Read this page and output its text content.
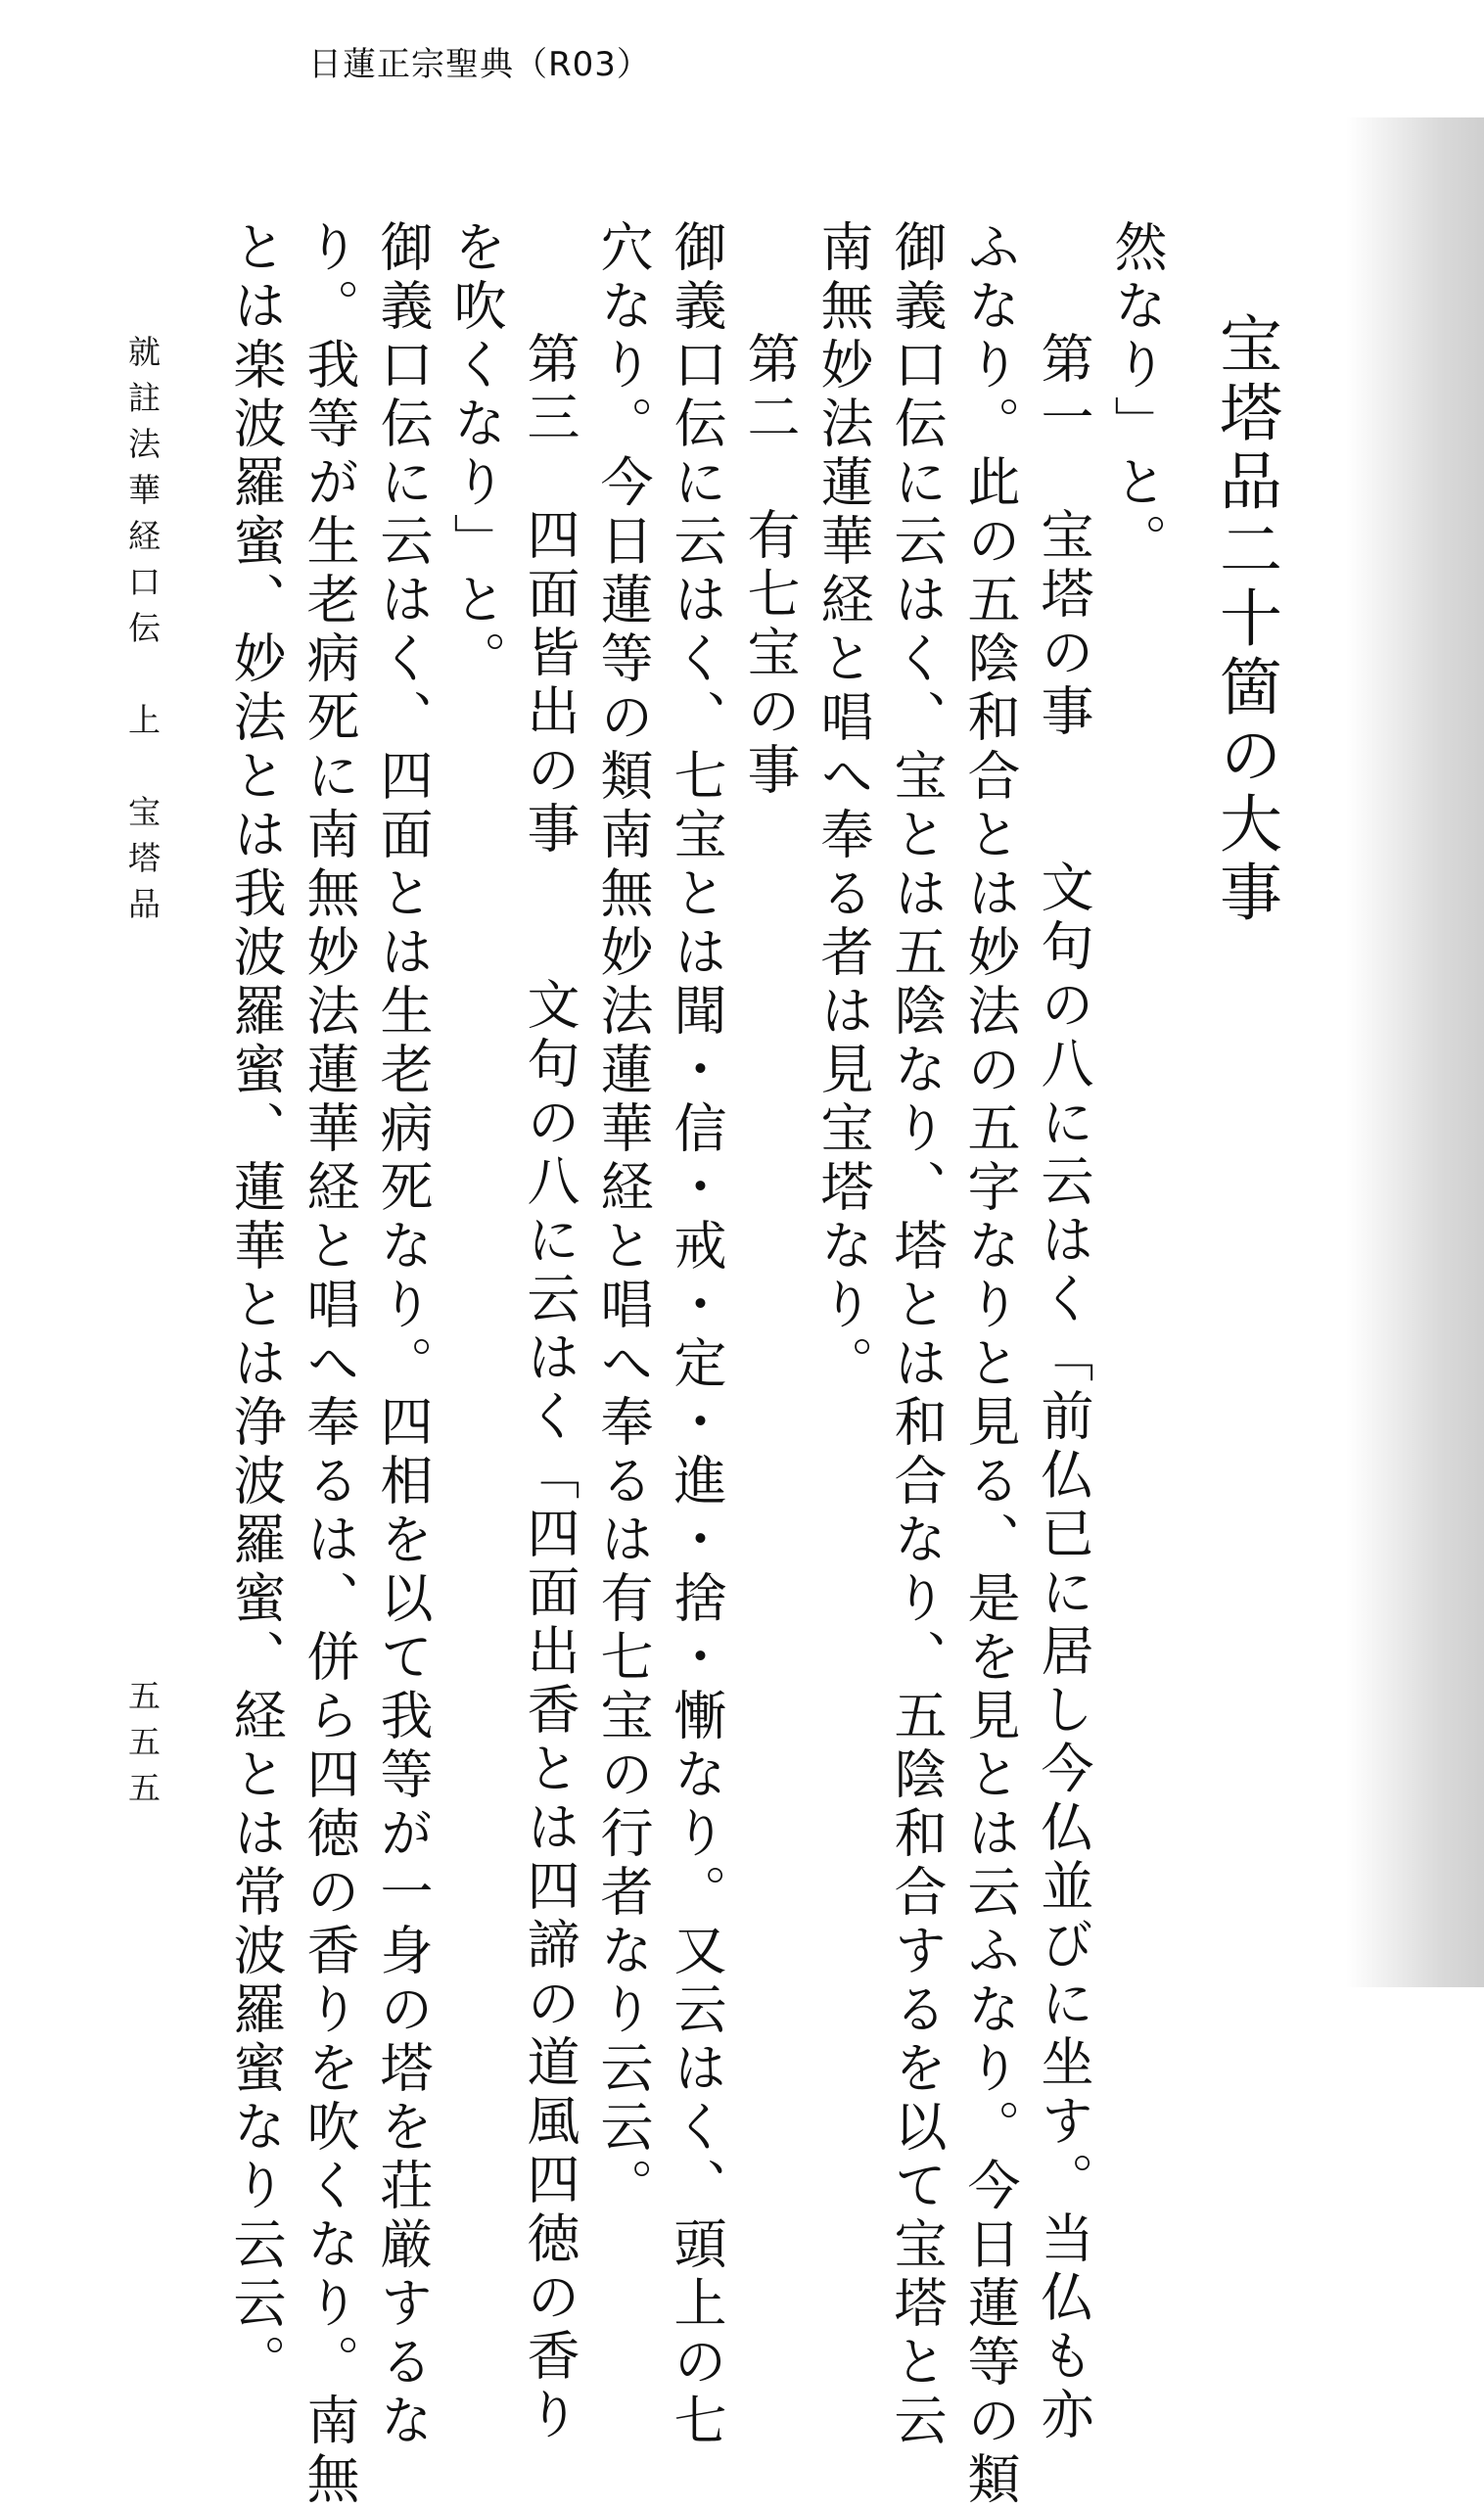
日蓮正宗聖典（R03）
宝塔品二十箇の大事
然なり」と。
第一　宝塔の事　　文句の八に云はく「前仏已に居し今仏並びに坐す。当仏も亦
ふなり。此の五陰和合とは妙法の五字なりと見る、是を見とは云ふなり。今日蓮等の類
御義口伝に云はく、宝とは五陰なり、塔とは和合なり、五陰和合するを以て宝塔と云
南無妙法蓮華経と唱へ奉る者は見宝塔なり。
第二　有七宝の事
御義口伝に云はく、七宝とは聞・信・戒・定・進・捨・慚なり。又云はく、頭上の七
穴なり。今日蓮等の類南無妙法蓮華経と唱へ奉るは有七宝の行者なり云云。
第三　四面皆出の事　　文句の八に云はく「四面出香とは四諦の道風四徳の香り
を吹くなり」と。
御義口伝に云はく、四面とは生老病死なり。四相を以て我等が一身の塔を荘厳するな
り。我等が生老病死に南無妙法蓮華経と唱へ奉るは、併ら四徳の香りを吹くなり。南無
とは楽波羅蜜、妙法とは我波羅蜜、蓮華とは浄波羅蜜、経とは常波羅蜜なり云云。
就註法華経口伝　上　宝塔品
五五五
